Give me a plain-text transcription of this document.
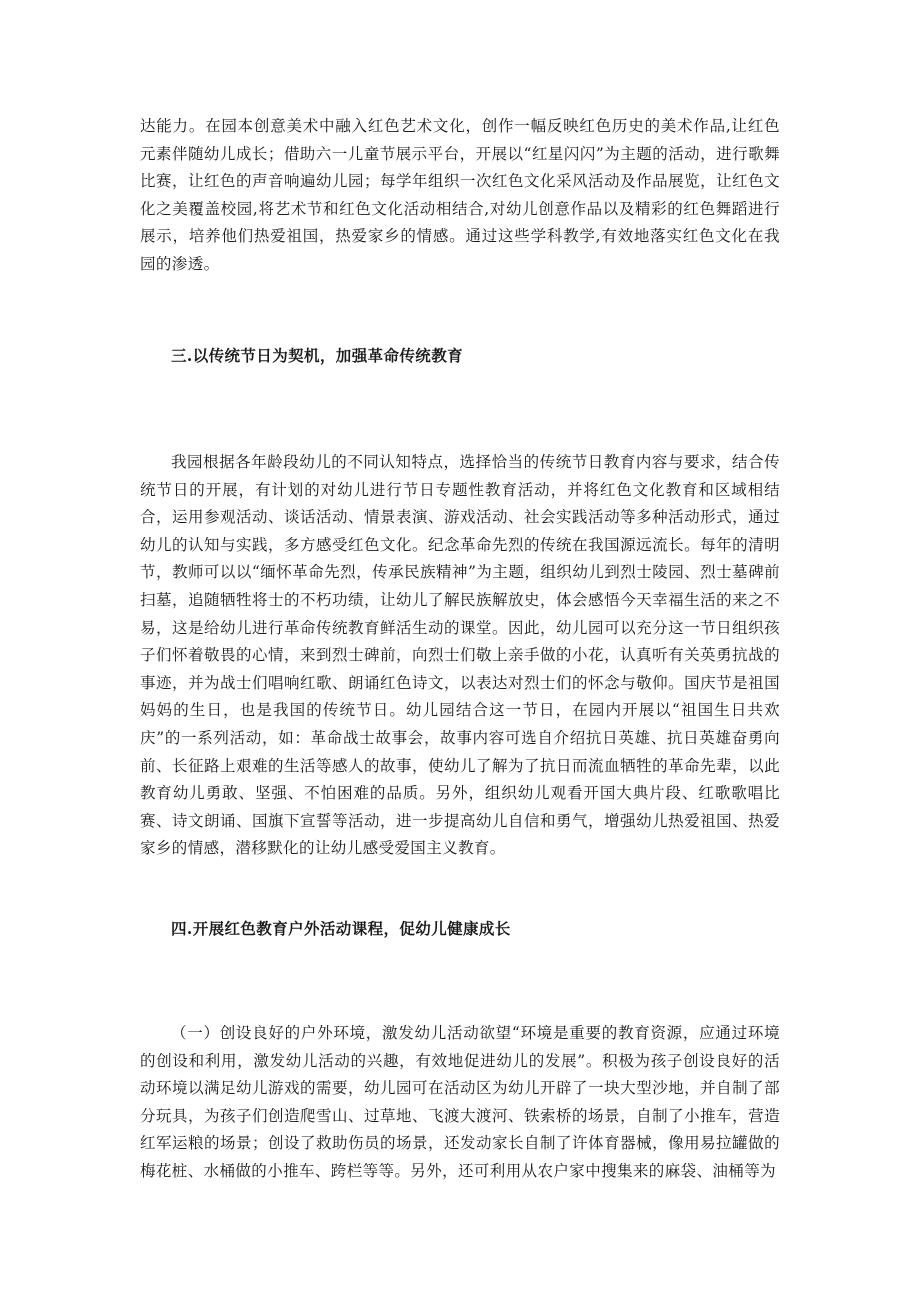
达能力。在园本创意美术中融入红色艺术文化，创作一幅反映红色历史的美术作品,让红色元素伴随幼儿成长；借助六一儿童节展示平台，开展以“红星闪闪”为主题的活动，进行歌舞比赛，让红色的声音响遍幼儿园；每学年组织一次红色文化采风活动及作品展览，让红色文化之美覆盖校园,将艺术节和红色文化活动相结合,对幼儿创意作品以及精彩的红色舞蹈进行展示，培养他们热爱祖国，热爱家乡的情感。通过这些学科教学,有效地落实红色文化在我园的渗透。

三.以传统节日为契机，加强革命传统教育

我园根据各年龄段幼儿的不同认知特点，选择恰当的传统节日教育内容与要求，结合传统节日的开展，有计划的对幼儿进行节日专题性教育活动，并将红色文化教育和区域相结合，运用参观活动、谈话活动、情景表演、游戏活动、社会实践活动等多种活动形式，通过幼儿的认知与实践，多方感受红色文化。纪念革命先烈的传统在我国源远流长。每年的清明节，教师可以以“缅怀革命先烈，传承民族精神”为主题，组织幼儿到烈士陵园、烈士墓碑前扫墓，追随牺牲将士的不朽功绩，让幼儿了解民族解放史，体会感悟今天幸福生活的来之不易，这是给幼儿进行革命传统教育鲜活生动的课堂。因此，幼儿园可以充分这一节日组织孩子们怀着敬畏的心情，来到烈士碑前，向烈士们敬上亲手做的小花，认真听有关英勇抗战的事迹，并为战士们唱响红歌、朗诵红色诗文，以表达对烈士们的怀念与敬仰。国庆节是祖国妈妈的生日，也是我国的传统节日。幼儿园结合这一节日，在园内开展以“祖国生日共欢庆”的一系列活动，如：革命战士故事会，故事内容可选自介绍抗日英雄、抗日英雄奋勇向前、长征路上艰难的生活等感人的故事，使幼儿了解为了抗日而流血牺牲的革命先辈，以此教育幼儿勇敢、坚强、不怕困难的品质。另外，组织幼儿观看开国大典片段、红歌歌唱比赛、诗文朗诵、国旗下宣誓等活动，进一步提高幼儿自信和勇气，增强幼儿热爱祖国、热爱家乡的情感，潜移默化的让幼儿感受爱国主义教育。

四.开展红色教育户外活动课程，促幼儿健康成长

（一）创设良好的户外环境，激发幼儿活动欲望“环境是重要的教育资源，应通过环境的创设和利用，激发幼儿活动的兴趣，有效地促进幼儿的发展”。积极为孩子创设良好的活动环境以满足幼儿游戏的需要，幼儿园可在活动区为幼儿开辟了一块大型沙地，并自制了部分玩具，为孩子们创造爬雪山、过草地、飞渡大渡河、铁索桥的场景，自制了小推车，营造红军运粮的场景；创设了救助伤员的场景，还发动家长自制了许体育器械，像用易拉罐做的梅花桩、水桶做的小推车、跨栏等等。另外，还可利用从农户家中搜集来的麻袋、油桶等为
